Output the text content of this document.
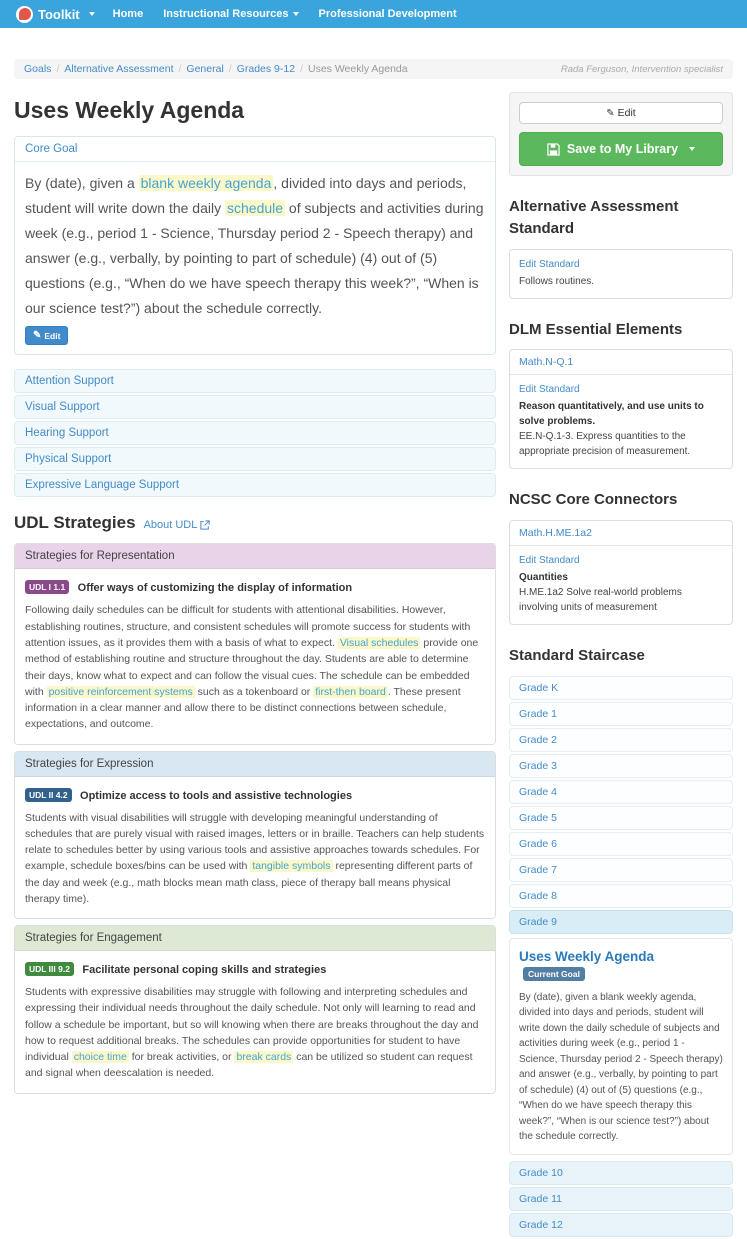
Toolkit	Home Instructional Resources	Professional Development
Goals / Alternative Assessment / General / Grades 9-12 / Uses Weekly Agenda	Rada Ferguson, Intervention specialist
Uses Weekly Agenda
Core Goal

By (date), given a blank weekly agenda , divided into days and periods, student will write down the daily schedule of subjects and activities during week (e.g., period 1 - Science, Thursday period 2 - Speech therapy) and answer (e.g., verbally, by pointing to part of schedule) (4) out of (5) questions (e.g., “When do we have speech therapy this week?”, “When is our science test?”) about the schedule correctly.

✎ Edit
Attention Support
Visual Support
Hearing Support
Physical Support
Expressive Language Support
UDL Strategies About UDL
Strategies for Representation
UDL I 1.1 Offer ways of customizing the display of information

Following daily schedules can be difficult for students with attentional disabilities. However, establishing routines, structure, and consistent schedules will promote success for students with attention issues, as it provides them with a basis of what to expect. Visual schedules provide one method of establishing routine and structure throughout the day. Students are able to determine their days, know what to expect and can follow the visual cues. The schedule can be embedded with positive reinforcement systems such as a tokenboard or first-then board . These present information in a clear manner and allow there to be distinct connections between schedule, expectations, and outcome.

Strategies for Expression
UDL II 4.2 Optimize access to tools and assistive technologies

Students with visual disabilities will struggle with developing meaningful understanding of schedules that are purely visual with raised images, letters or in braille. Teachers can help students relate to schedules better by using various tools and assistive approaches towards schedules. For example, schedule boxes/bins can be used with tangible symbols representing different parts of the day and week (e.g., math blocks mean math class, piece of therapy ball means physical therapy time).

Strategies for Engagement
UDL III 9.2 Facilitate personal coping skills and strategies

Students with expressive disabilities may struggle with following and interpreting schedules and expressing their individual needs throughout the daily schedule. Not only will learning to read and follow a schedule be important, but so will knowing when there are breaks throughout the day and how to request additional breaks. The schedules can provide opportunities for student to have individual choice time for break activities, or break cards can be utilized so student can request and signal when deescalation is needed.

✎ Edit
Save to My Library
Alternative Assessment Standard
Edit Standard
Follows routines.
DLM Essential Elements
Math.N-Q.1
Edit Standard
Reason quantitatively, and use units to solve problems.
EE.N-Q.1-3. Express quantities to the appropriate precision of measurement.
NCSC Core Connectors
Math.H.ME.1a2
Edit Standard
Quantities
H.ME.1a2 Solve real-world problems involving units of measurement
Standard Staircase
Grade K
Grade 1
Grade 2
Grade 3
Grade 4
Grade 5
Grade 6
Grade 7
Grade 8
Grade 9
Uses Weekly Agenda Current Goal

By (date), given a blank weekly agenda, divided into days and periods, student will write down the daily schedule of subjects and activities during week (e.g., period 1 - Science, Thursday period 2 - Speech therapy) and answer (e.g., verbally, by pointing to part of schedule) (4) out of (5) questions (e.g., “When do we have speech therapy this week?”, “When is our science test?”) about the schedule correctly.

Grade 10
Grade 11
Grade 12
